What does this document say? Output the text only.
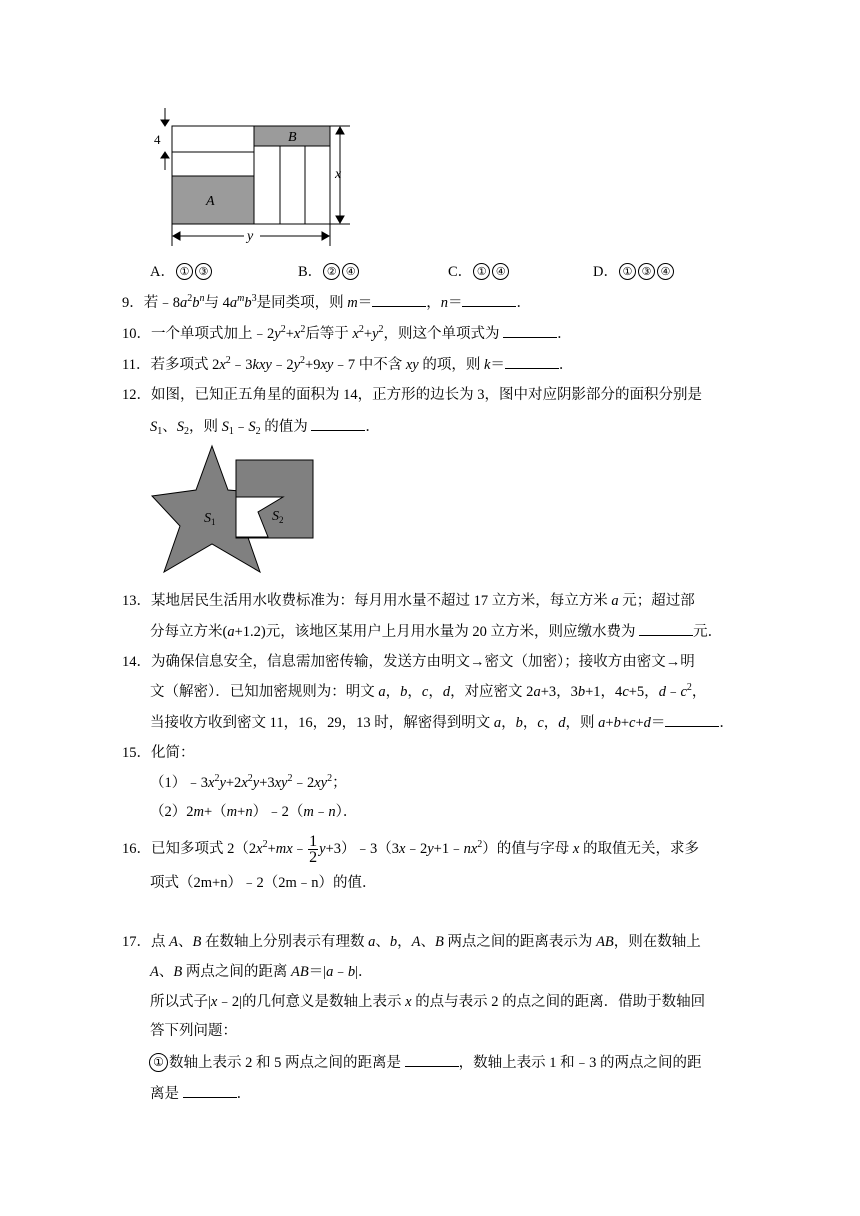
4	B
A
x
y
A． ① ③	B． ② ④	C． ① ④	D． ① ③ ④
9．若$﹣8a^2b^n$与 $4a^mb^3$是同类项，则 m＝	，n＝	．
10．一个单项式加上$﹣2y^2+x^2$后等于 $x^2+y^2$，则这个单项式为	．
11．若多项式 $2x^2﹣3kxy﹣2y^2+9xy﹣7$ 中不含 xy 的项，则 k＝	．
12．如图，已知正五角星的面积为 14，正方形的边长为 3，图中对应阴影部分的面积分别是
$S_1$、$S_2$，则 $S_1﹣S_2$ 的值为	．
$S_1$	$S_2$
13．某地居民生活用水收费标准为：每月用水量不超过 17 立方米，每立方米 a 元；超过部
分每立方米(a+1.2)元，该地区某用户上月用水量为 20 立方米，则应缴水费为	元．
14．为确保信息安全，信息需加密传输，发送方由明文→密文（加密）；接收方由密文→明
文（解密）．已知加密规则为：明文 a，b，c，d，对应密文 2a+3，3b+1，4c+5，$d﹣c^2$，
当接收方收到密文 11，16，29，13 时，解密得到明文 a，b，c，d，则 a+b+c+d＝	．
15．化简：
$(1)﹣3x^2y+2x^2y+3xy^2﹣2xy^2$；
（2）2m+（m+n）﹣2（m﹣n）．
16．已知多项式 $2(2x^2+mx﹣ \frac{1}{2}$ $y+3)﹣3(3x﹣2y+1﹣nx^2)$的值与字母 x 的取值无关，求多
项式（2m+n）﹣2（2m﹣n）的值．
17．点 A、B 在数轴上分别表示有理数 a、b，A、B 两点之间的距离表示为 AB，则在数轴上
A、B 两点之间的距离 AB＝|a﹣b|．
所以式子|x﹣2|的几何意义是数轴上表示 x 的点与表示 2 的点之间的距离．借助于数轴回
答下列问题：
① 数轴上表示 2 和 5 两点之间的距离是	，数轴上表示 1 和﹣3 的两点之间的距
离是	．
